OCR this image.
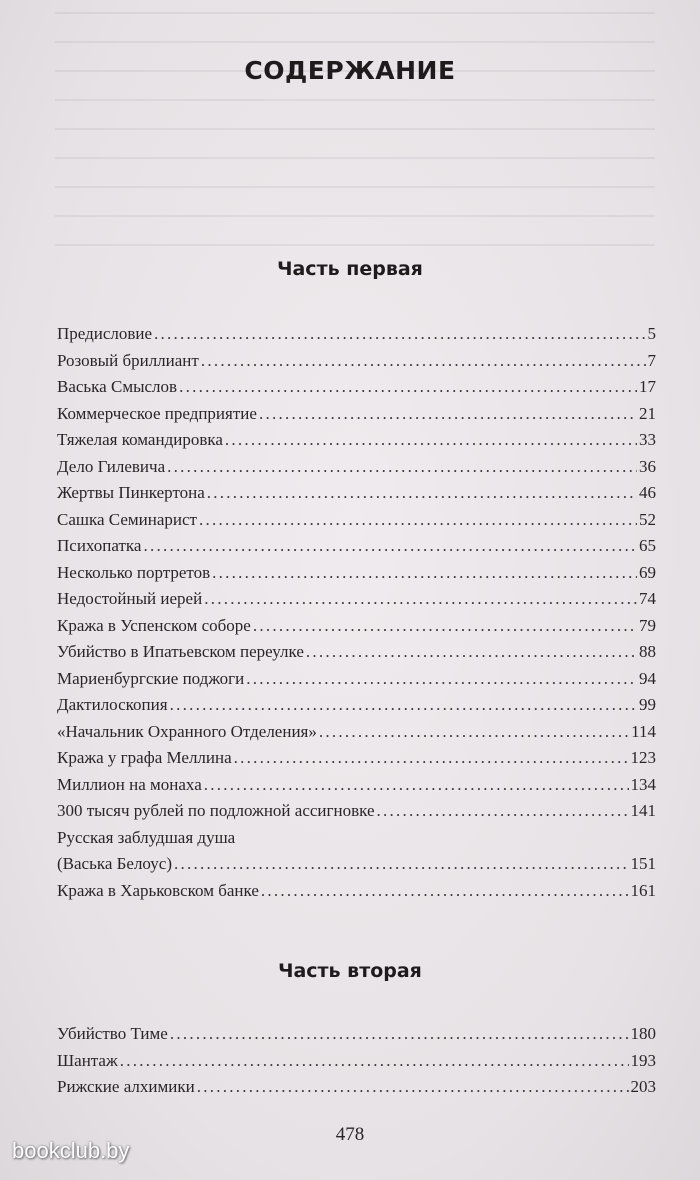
СОДЕРЖАНИЕ
Часть первая
Предисловие . . .	5
Розовый бриллиант . . .	7
Васька Смыслов . . .	17
Коммерческое предприятие . . .	21
Тяжелая командировка . . .	33
Дело Гилевича . . .	36
Жертвы Пинкертона . . .	46
Сашка Семинарист . . .	52
Психопатка . . .	65
Несколько портретов . . .	69
Недостойный иерей . . .	74
Кража в Успенском соборе . . .	79
Убийство в Ипатьевском переулке . . .	88
Мариенбургские поджоги . . .	94
Дактилоскопия . . .	99
«Начальник Охранного Отделения» . . .	114
Кража у графа Меллина . . .	123
Миллион на монаха . . .	134
300 тысяч рублей по подложной ассигновке . . .	141
Русская заблудшая душа
(Васька Белоус) . . .	151
Кража в Харьковском банке . . .	161
Часть вторая
Убийство Тиме . . .	180
Шантаж . . .	193
Рижские алхимики . . .	203
478
bookclub.by
